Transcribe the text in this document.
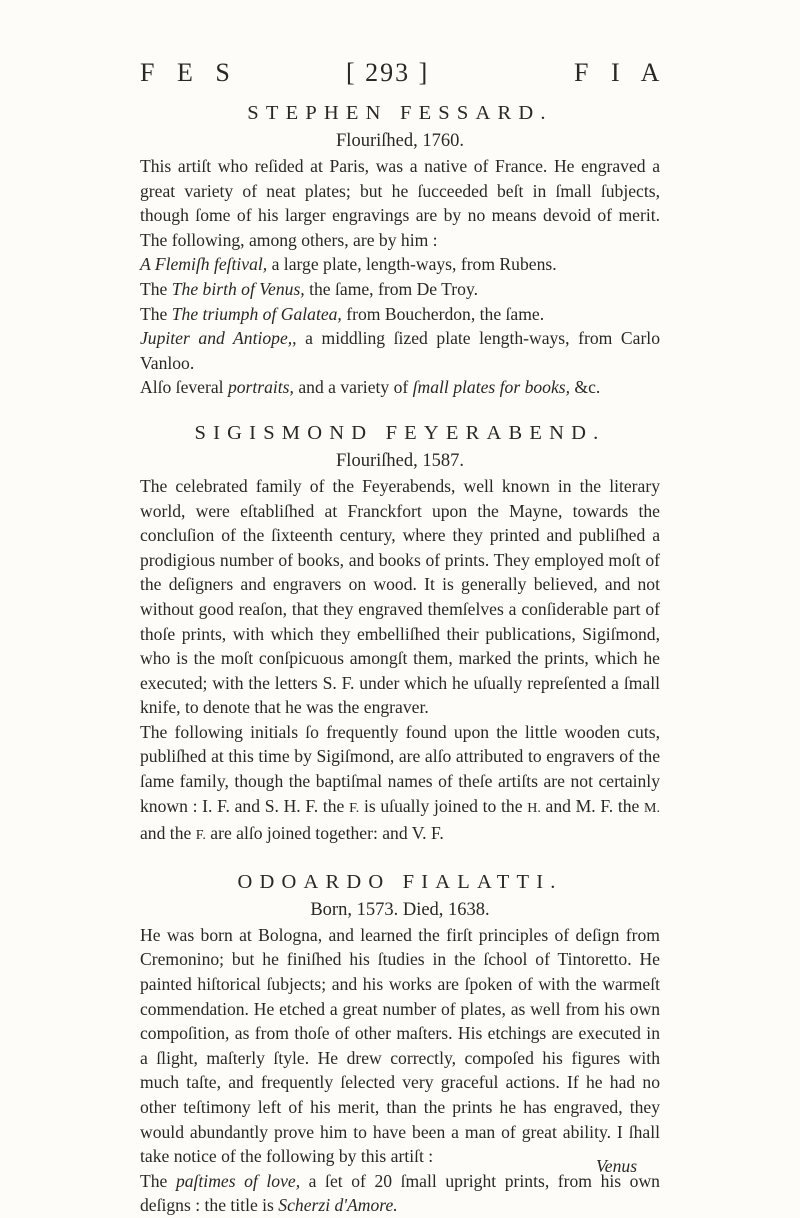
F E S	[ 293 ]	F I A
STEPHEN FESSARD.
Flouriſhed, 1760.

This artiſt who reſided at Paris, was a native of France. He engraved a great variety of neat plates; but he ſucceeded beſt in ſmall ſubjects, though ſome of his larger engravings are by no means devoid of merit. The following, among others, are by him :

A Flemiſh feſtival, a large plate, length-ways, from Rubens.

The The birth of Venus, the ſame, from De Troy.

The The triumph of Galatea, from Boucherdon, the ſame.

Jupiter and Antiope,, a middling ſized plate length-ways, from Carlo Vanloo.

Alſo ſeveral portraits, and a variety of ſmall plates for books, &c.

SIGISMOND FEYERABEND.
Flouriſhed, 1587.

The celebrated family of the Feyerabends, well known in the literary world, were eſtabliſhed at Franckfort upon the Mayne, towards the concluſion of the ſixteenth century, where they printed and publiſhed a prodigious number of books, and books of prints. They employed moſt of the deſigners and engravers on wood. It is generally believed, and not without good reaſon, that they engraved themſelves a conſiderable part of thoſe prints, with which they embelliſhed their publications, Sigiſmond, who is the moſt conſpicuous amongſt them, marked the prints, which he executed; with the letters S. F. under which he uſually repreſented a ſmall knife, to denote that he was the engraver.

The following initials ſo frequently found upon the little wooden cuts, publiſhed at this time by Sigiſmond, are alſo attributed to engravers of the ſame family, though the baptiſmal names of theſe artiſts are not certainly known : I. F. and S. H. F. the F. is uſually joined to the H. and M. F. the M. and the F. are alſo joined together: and V. F.

ODOARDO FIALATTI.
Born, 1573. Died, 1638.

He was born at Bologna, and learned the firſt principles of deſign from Cremonino; but he finiſhed his ſtudies in the ſchool of Tintoretto. He painted hiſtorical ſubjects; and his works are ſpoken of with the warmeſt commendation. He etched a great number of plates, as well from his own compoſition, as from thoſe of other maſters. His etchings are executed in a ſlight, maſterly ſtyle. He drew correctly, compoſed his figures with much taſte, and frequently ſelected very graceful actions. If he had no other teſtimony left of his merit, than the prints he has engraved, they would abundantly prove him to have been a man of great ability. I ſhall take notice of the following by this artiſt :

The paſtimes of love, a ſet of 20 ſmall upright prints, from his own deſigns : the title is Scherzi d'Amore.

Venus
